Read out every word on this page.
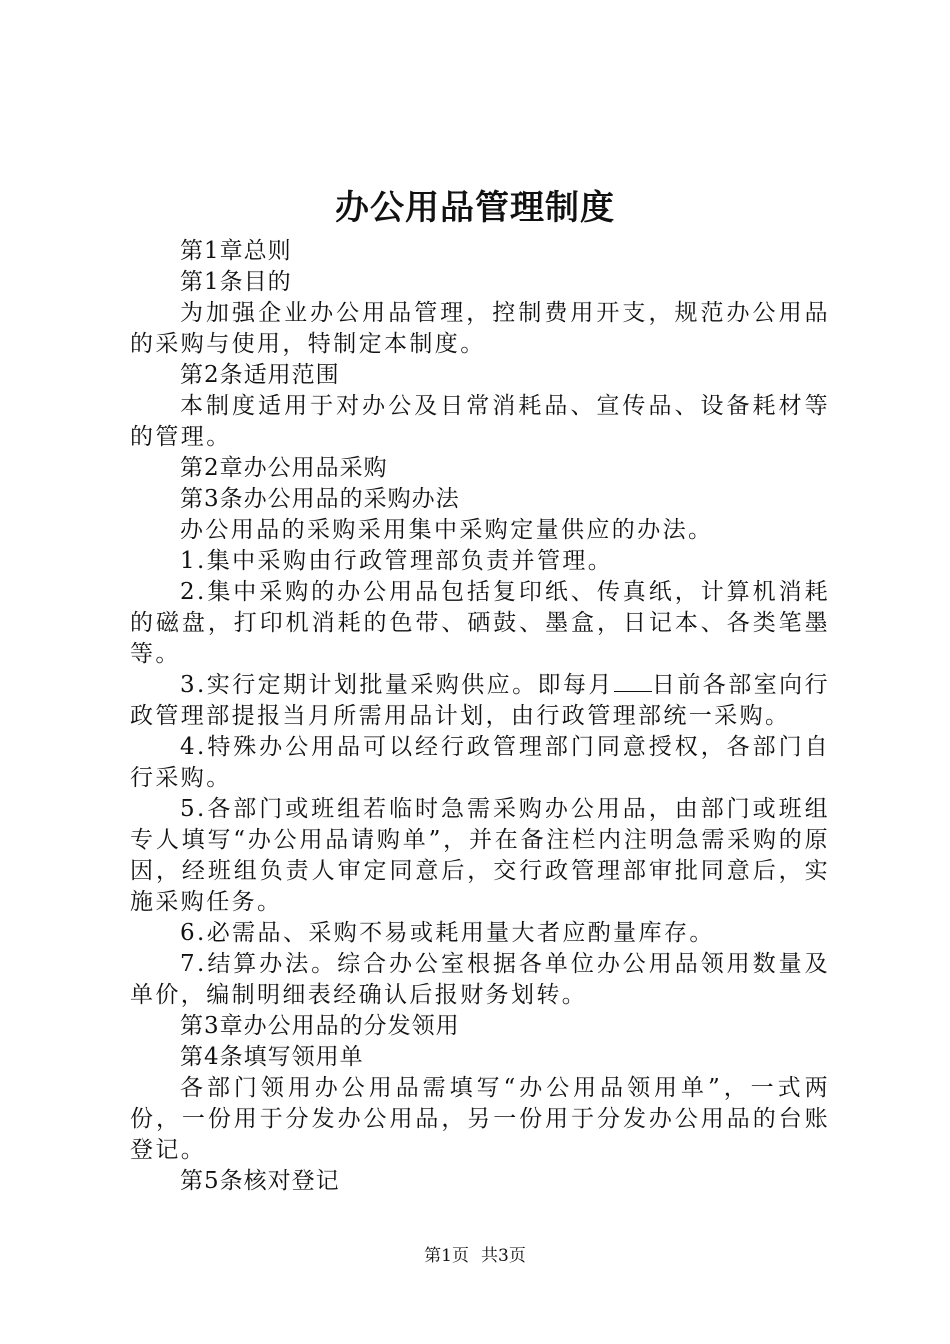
办公用品管理制度

第1章总则

第1条目的

为加强企业办公用品管理，控制费用开支，规范办公用品的采购与使用，特制定本制度。

第2条适用范围

本制度适用于对办公及日常消耗品、宣传品、设备耗材等的管理。

第2章办公用品采购

第3条办公用品的采购办法

办公用品的采购采用集中采购定量供应的办法。

1.集中采购由行政管理部负责并管理。

2.集中采购的办公用品包括复印纸、传真纸，计算机消耗的磁盘，打印机消耗的色带、硒鼓、墨盒，日记本、各类笔墨等。

3.实行定期计划批量采购供应。即每月 日前各部室向行政管理部提报当月所需用品计划，由行政管理部统一采购。

4.特殊办公用品可以经行政管理部门同意授权，各部门自行采购。

5.各部门或班组若临时急需采购办公用品，由部门或班组专人填写“办公用品请购单”，并在备注栏内注明急需采购的原因，经班组负责人审定同意后，交行政管理部审批同意后，实施采购任务。

6.必需品、采购不易或耗用量大者应酌量库存。

7.结算办法。综合办公室根据各单位办公用品领用数量及单价，编制明细表经确认后报财务划转。

第3章办公用品的分发领用

第4条填写领用单

各部门领用办公用品需填写“办公用品领用单”，一式两份，一份用于分发办公用品，另一份用于分发办公用品的台账登记。

第5条核对登记

第1页 共3页
